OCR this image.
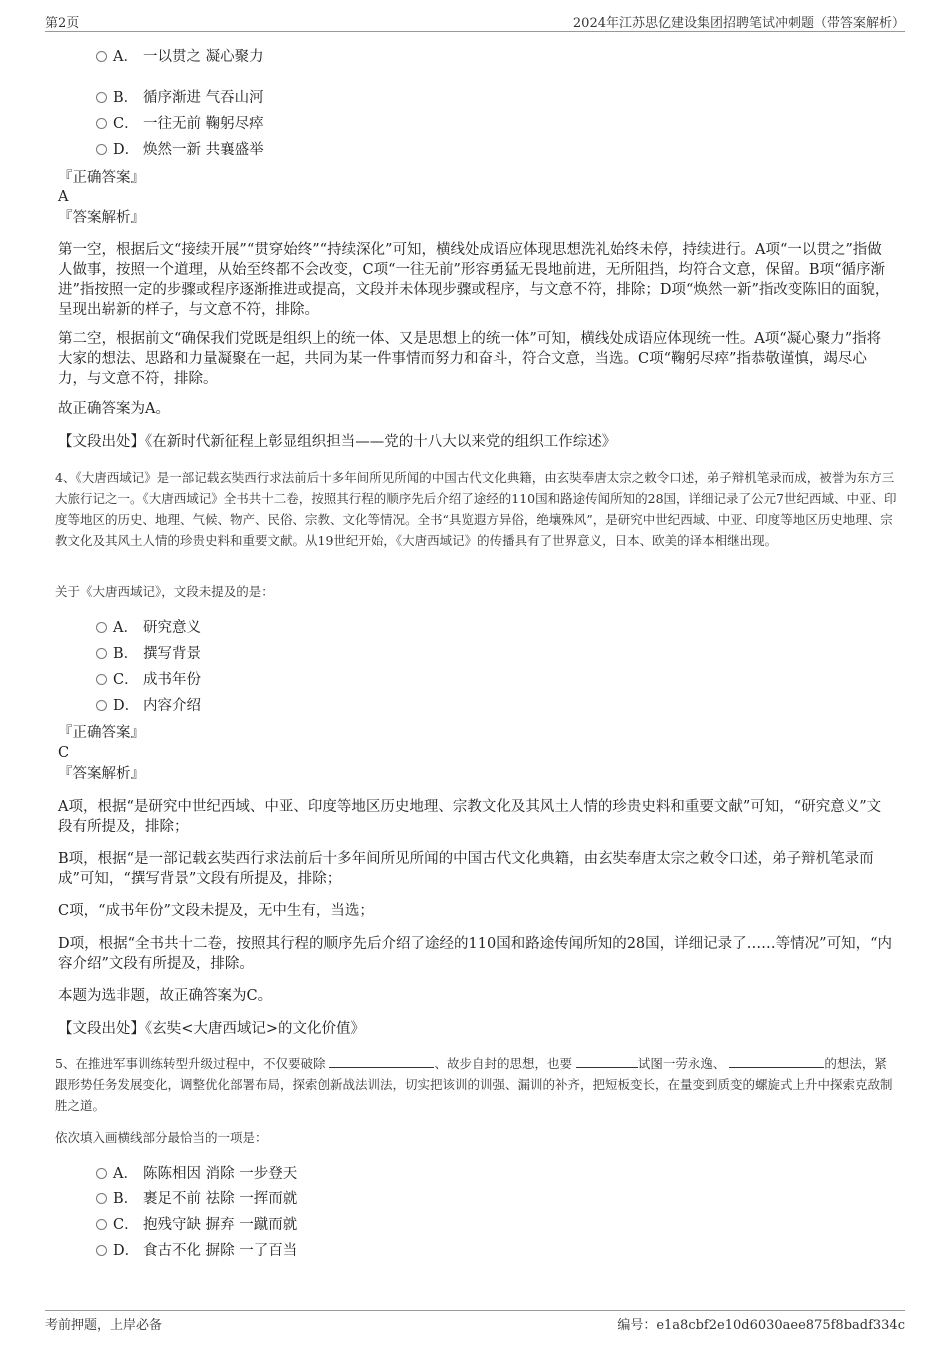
第2页	2024年江苏思亿建设集团招聘笔试冲刺题（带答案解析）
A． 一以贯之 凝心聚力
B． 循序渐进 气吞山河
C． 一往无前 鞠躬尽瘁
D． 焕然一新 共襄盛举
『正确答案』
A
『答案解析』
第一空，根据后文“接续开展”“贯穿始终”“持续深化”可知，横线处成语应体现思想洗礼始终未停，持续进行。A项“一以贯之”指做人做事，按照一个道理，从始至终都不会改变，C项“一往无前”形容勇猛无畏地前进，无所阻挡，均符合文意，保留。B项“循序渐进”指按照一定的步骤或程序逐渐推进或提高，文段并未体现步骤或程序，与文意不符，排除；D项“焕然一新”指改变陈旧的面貌，呈现出崭新的样子，与文意不符，排除。
第二空，根据前文“确保我们党既是组织上的统一体、又是思想上的统一体”可知，横线处成语应体现统一性。A项“凝心聚力”指将大家的想法、思路和力量凝聚在一起，共同为某一件事情而努力和奋斗，符合文意，当选。C项“鞠躬尽瘁”指恭敬谨慎，竭尽心力，与文意不符，排除。
故正确答案为A。
【文段出处】《在新时代新征程上彰显组织担当——党的十八大以来党的组织工作综述》
4、《大唐西域记》是一部记载玄奘西行求法前后十多年间所见所闻的中国古代文化典籍，由玄奘奉唐太宗之敕令口述，弟子辩机笔录而成，被誉为东方三大旅行记之一。《大唐西域记》全书共十二卷，按照其行程的顺序先后介绍了途经的110国和路途传闻所知的28国，详细记录了公元7世纪西域、中亚、印度等地区的历史、地理、气候、物产、民俗、宗教、文化等情况。全书“具览遐方异俗，绝壤殊风”，是研究中世纪西域、中亚、印度等地区历史地理、宗教文化及其风土人情的珍贵史料和重要文献。从19世纪开始，《大唐西域记》的传播具有了世界意义，日本、欧美的译本相继出现。
关于《大唐西域记》，文段未提及的是：
A． 研究意义
B． 撰写背景
C． 成书年份
D． 内容介绍
『正确答案』
C
『答案解析』
A项，根据“是研究中世纪西域、中亚、印度等地区历史地理、宗教文化及其风土人情的珍贵史料和重要文献”可知，“研究意义”文段有所提及，排除；
B项，根据“是一部记载玄奘西行求法前后十多年间所见所闻的中国古代文化典籍，由玄奘奉唐太宗之敕令口述，弟子辩机笔录而成”可知，“撰写背景”文段有所提及，排除；
C项，“成书年份”文段未提及，无中生有，当选；
D项，根据“全书共十二卷，按照其行程的顺序先后介绍了途经的110国和路途传闻所知的28国，详细记录了……等情况”可知，“内容介绍”文段有所提及，排除。
本题为选非题，故正确答案为C。
【文段出处】《玄奘<大唐西域记>的文化价值》
5、在推进军事训练转型升级过程中，不仅要破除	、故步自封的思想，也要	试图一劳永逸、	的想法，紧跟形势任务发展变化，调整优化部署布局，探索创新战法训法，切实把该训的训强、漏训的补齐，把短板变长，在量变到质变的螺旋式上升中探索克敌制胜之道。
依次填入画横线部分最恰当的一项是：
A． 陈陈相因 消除 一步登天
B． 裹足不前 祛除 一挥而就
C． 抱残守缺 摒弃 一蹴而就
D． 食古不化 摒除 一了百当
考前押题，上岸必备	编号：e1a8cbf2e10d6030aee875f8badf334c
